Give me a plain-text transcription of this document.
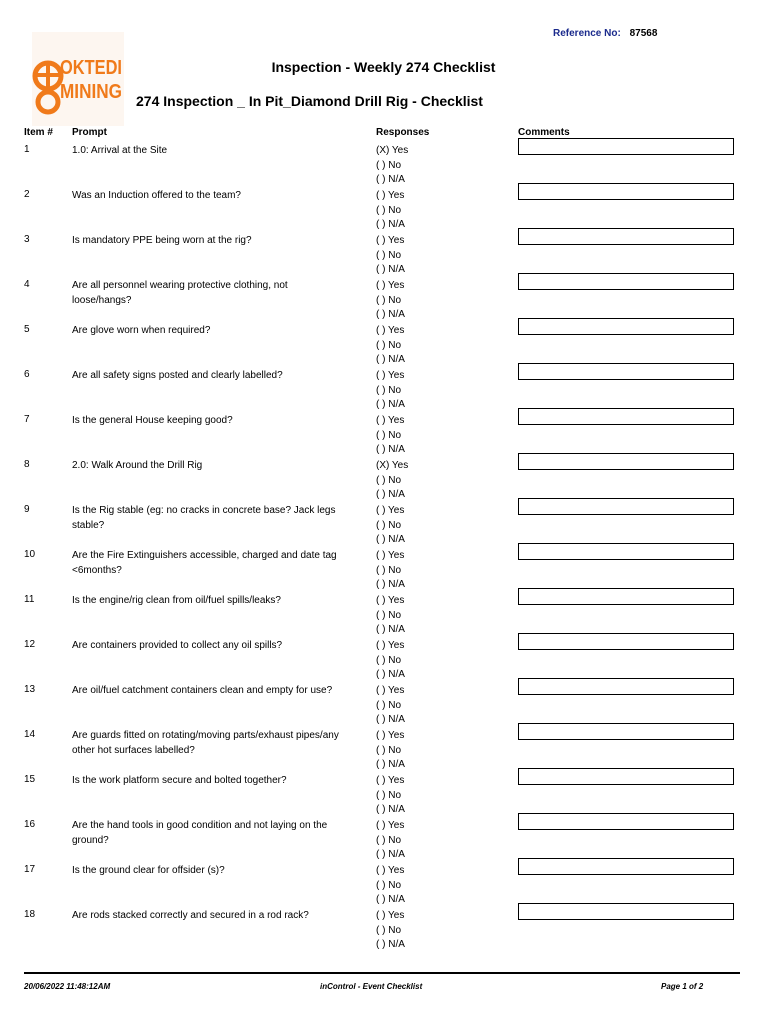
Reference No: 87568
OKTEDI
MINING
Inspection - Weekly 274 Checklist
274 Inspection _ In Pit_Diamond Drill Rig - Checklist
Item # Prompt	Responses	Comments
1	1.0: Arrival at the Site	(X) Yes
( ) No
( ) N/A
2	Was an Induction offered to the team?	( ) Yes
( ) No
( ) N/A
3	Is mandatory PPE being worn at the rig?	( ) Yes
( ) No
( ) N/A
4	Are all personnel wearing protective clothing, not loose/hangs?
( ) Yes
( ) No
( ) N/A
5	Are glove worn when required?	( ) Yes
( ) No
( ) N/A
6	Are all safety signs posted and clearly labelled?	( ) Yes
( ) No
( ) N/A
7	Is the general House keeping good?	( ) Yes
( ) No
( ) N/A
8	2.0: Walk Around the Drill Rig	(X) Yes
( ) No
( ) N/A
9	Is the Rig stable (eg: no cracks in concrete base? Jack legs stable?
( ) Yes
( ) No
( ) N/A
10	Are the Fire Extinguishers accessible, charged and date tag <6months?
( ) Yes
( ) No
( ) N/A
11	Is the engine/rig clean from oil/fuel spills/leaks?	( ) Yes
( ) No
( ) N/A
12	Are containers provided to collect any oil spills?	( ) Yes
( ) No
( ) N/A
13	Are oil/fuel catchment containers clean and empty for use?	( ) Yes
( ) No
( ) N/A
14	Are guards fitted on rotating/moving parts/exhaust pipes/any other hot surfaces labelled?
( ) Yes
( ) No
( ) N/A
15	Is the work platform secure and bolted together?	( ) Yes
( ) No
( ) N/A
16	Are the hand tools in good condition and not laying on the ground?
( ) Yes
( ) No
( ) N/A
17	Is the ground clear for offsider (s)?	( ) Yes
( ) No
( ) N/A
18	Are rods stacked correctly and secured in a rod rack?	( ) Yes
( ) No
( ) N/A
20/06/2022 11:48:12AM	inControl - Event Checklist	Page 1 of 2
